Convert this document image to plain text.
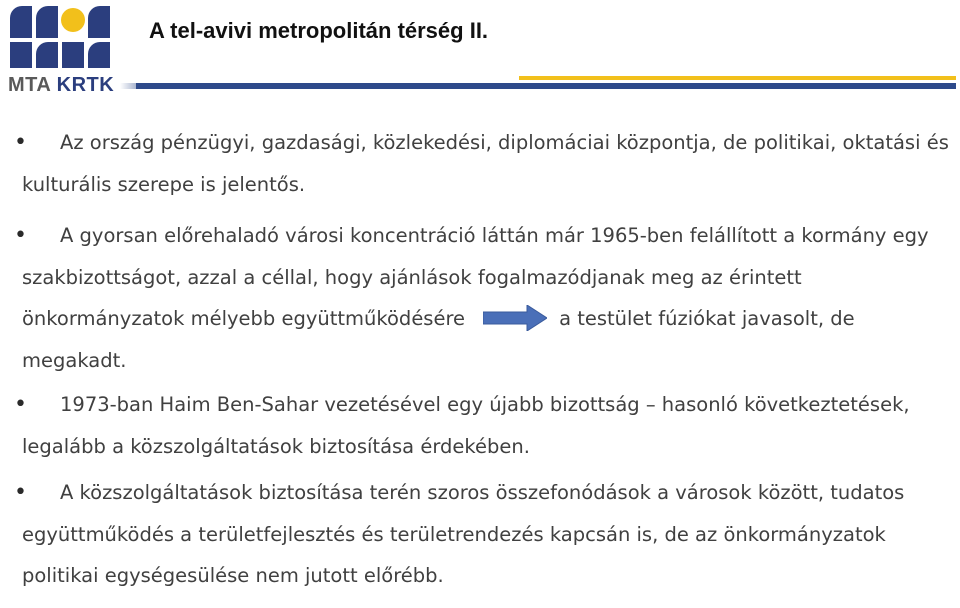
MTA KRTK
A tel-avivi metropolitán térség II.

• Az ország pénzügyi, gazdasági, közlekedési, diplomáciai központja, de politikai, oktatási és kulturális szerepe is jelentős.

• A gyorsan előrehaladó városi koncentráció láttán már 1965-ben felállított a kormány egy szakbizottságot, azzal a céllal, hogy ajánlások fogalmazódjanak meg az érintett önkormányzatok mélyebb együttműködésére	a testület fúziókat javasolt, de megakadt.

• 1973-ban Haim Ben-Sahar vezetésével egy újabb bizottság – hasonló következtetések, legalább a közszolgáltatások biztosítása érdekében.

• A közszolgáltatások biztosítása terén szoros összefonódások a városok között, tudatos együttműködés a területfejlesztés és területrendezés kapcsán is, de az önkormányzatok politikai egységesülése nem jutott előrébb.
